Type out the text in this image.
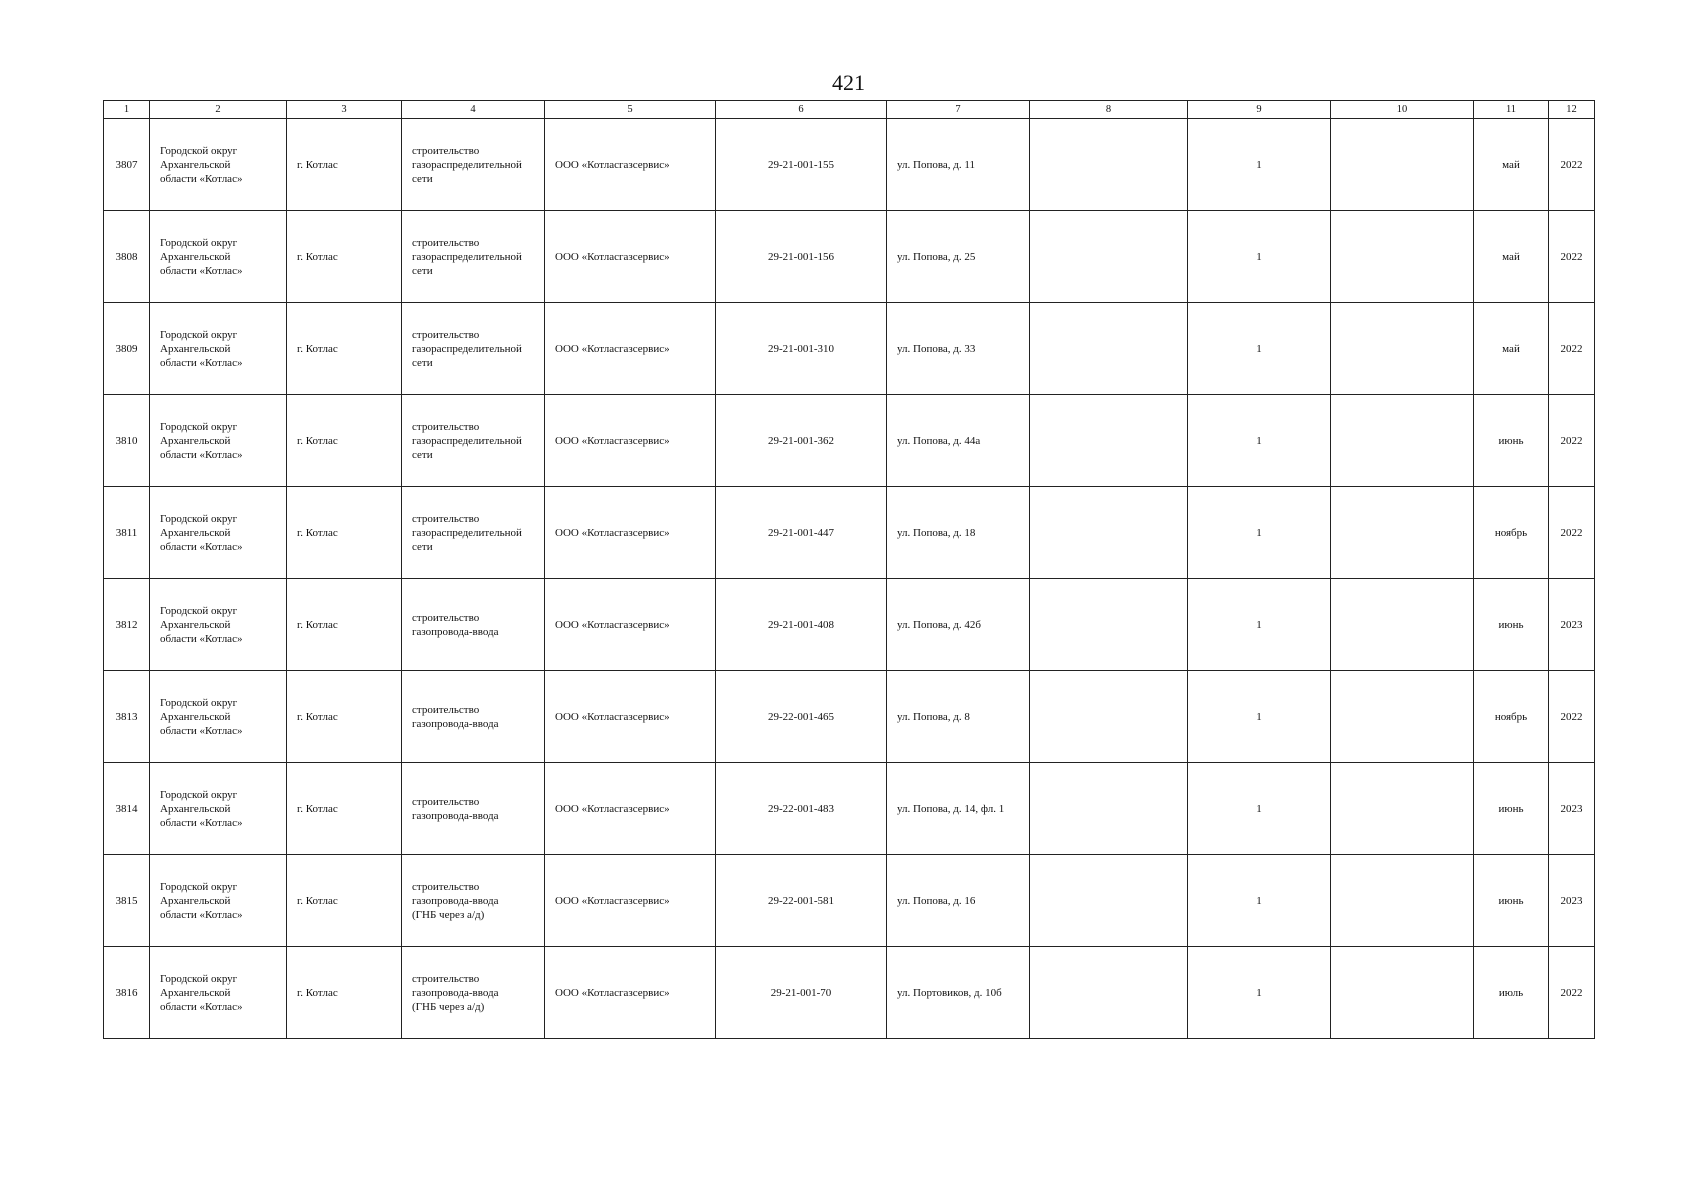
421
1	2	3	4	5	6	7	8	9	10	11	12
3807	Городской округ
Архангельской
области «Котлас»	г. Котлас	строительство
газораспределительной
сети	ООО «Котласгазсервис»	29-21-001-155	ул. Попова, д. 11		1		май	2022
3808	Городской округ
Архангельской
области «Котлас»	г. Котлас	строительство
газораспределительной
сети	ООО «Котласгазсервис»	29-21-001-156	ул. Попова, д. 25		1		май	2022
3809	Городской округ
Архангельской
области «Котлас»	г. Котлас	строительство
газораспределительной
сети	ООО «Котласгазсервис»	29-21-001-310	ул. Попова, д. 33		1		май	2022
3810	Городской округ
Архангельской
области «Котлас»	г. Котлас	строительство
газораспределительной
сети	ООО «Котласгазсервис»	29-21-001-362	ул. Попова, д. 44а		1		июнь	2022
3811	Городской округ
Архангельской
области «Котлас»	г. Котлас	строительство
газораспределительной
сети	ООО «Котласгазсервис»	29-21-001-447	ул. Попова, д. 18		1		ноябрь	2022
3812	Городской округ
Архангельской
области «Котлас»	г. Котлас	строительство
газопровода-ввода	ООО «Котласгазсервис»	29-21-001-408	ул. Попова, д. 42б		1		июнь	2023
3813	Городской округ
Архангельской
области «Котлас»	г. Котлас	строительство
газопровода-ввода	ООО «Котласгазсервис»	29-22-001-465	ул. Попова, д. 8		1		ноябрь	2022
3814	Городской округ
Архангельской
области «Котлас»	г. Котлас	строительство
газопровода-ввода	ООО «Котласгазсервис»	29-22-001-483	ул. Попова, д. 14, фл. 1		1		июнь	2023
3815	Городской округ
Архангельской
области «Котлас»	г. Котлас	строительство
газопровода-ввода
(ГНБ через а/д)	ООО «Котласгазсервис»	29-22-001-581	ул. Попова, д. 16		1		июнь	2023
3816	Городской округ
Архангельской
области «Котлас»	г. Котлас	строительство
газопровода-ввода
(ГНБ через а/д)	ООО «Котласгазсервис»	29-21-001-70	ул. Портовиков, д. 10б		1		июль	2022
